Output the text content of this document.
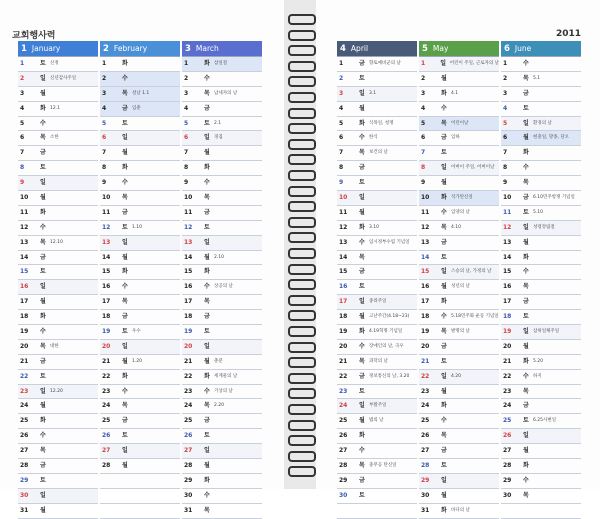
교회행사력	2011
1 January
1	토 신정
2	일 신년감사주일
3	월
4	화 12.1
5	수
6	목 소한
7	금
8	토
9	일
10	월
11	화
12	수
13	목 12.10
14	금
15	토
16	일
17	월
18	화
19	수
20	목 대한
21	금
22	토
23	일 12.20
24	월
25	화
26	수
27	목
28	금
29	토
30	일
31	월
2 February
1	화
2	수
3	목 설날 1.1
4	금 입춘
5	토
6	일
7	월
8	화
9	수
10	목
11	금
12	토 1.10
13	일
14	월
15	화
16	수
17	목
18	금
19	토 우수
20	일
21	월 1.20
22	화
23	수
24	목
25	금
26	토
27	일
28	월
3 March
1	화 삼일절
2	수
3	목 납세자의 날
4	금
5	토 2.1
6	일 경칩
7	월
8	화
9	수
10	목
11	금
12	토
13	일
14	월 2.10
15	화
16	수 상공의 날
17	목
18	금
19	토
20	일
21	월 춘분
22	화 세계물의 날
23	수 기상의 날
24	목 2.20
25	금
26	토
27	일
28	월
29	화
30	수
31	목
4 April
1	금 향토예비군의 날
2	토
3	일 3.1
4	월
5	화 식목일, 청명
6	수 한식
7	목 보건의 날
8	금
9	토
10	일
11	월
12	화 3.10
13	수 임시정부수립 기념일
14	목
15	금
16	토
17	일 종려주일
18	월 고난주간(4.18~23)
19	화 4.19혁명 기념일
20	수 장애인의 날, 곡우
21	목 과학의 날
22	금 정보통신의 날, 3.20
23	토
24	일 부활주일
25	월 법의 날
26	화
27	수
28	목 충무공 탄신일
29	금
30	토
5 May
1	일 어린이 주일, 근로자의 날
2	월
3	화 4.1
4	수
5	목 어린이날
6	금 입하
7	토
8	일 어버이 주일, 어버이날
9	월
10	화 석가탄신일
11	수 입양의 날
12	목 4.10
13	금
14	토
15	일 스승의 날, 가정의 날
16	월 성년의 날
17	화
18	수 5.18민주화 운동 기념일
19	목 발명의 날
20	금
21	토
22	일 4.20
23	월
24	화
25	수
26	목
27	금
28	토
29	일
30	월
31	화 바다의 날
6 June
1	수
2	목 5.1
3	금
4	토
5	일 환경의 날
6	월 현충일, 망종, 단오
7	화
8	수
9	목
10	금 6.10민주항쟁 기념일
11	토 5.10
12	일 성령강림절
13	월
14	화
15	수
16	목
17	금
18	토
19	일 삼위일체주일
20	월
21	화 5.20
22	수 하지
23	목
24	금
25	토 6.25사변일
26	일
27	월
28	화
29	수
30	목
